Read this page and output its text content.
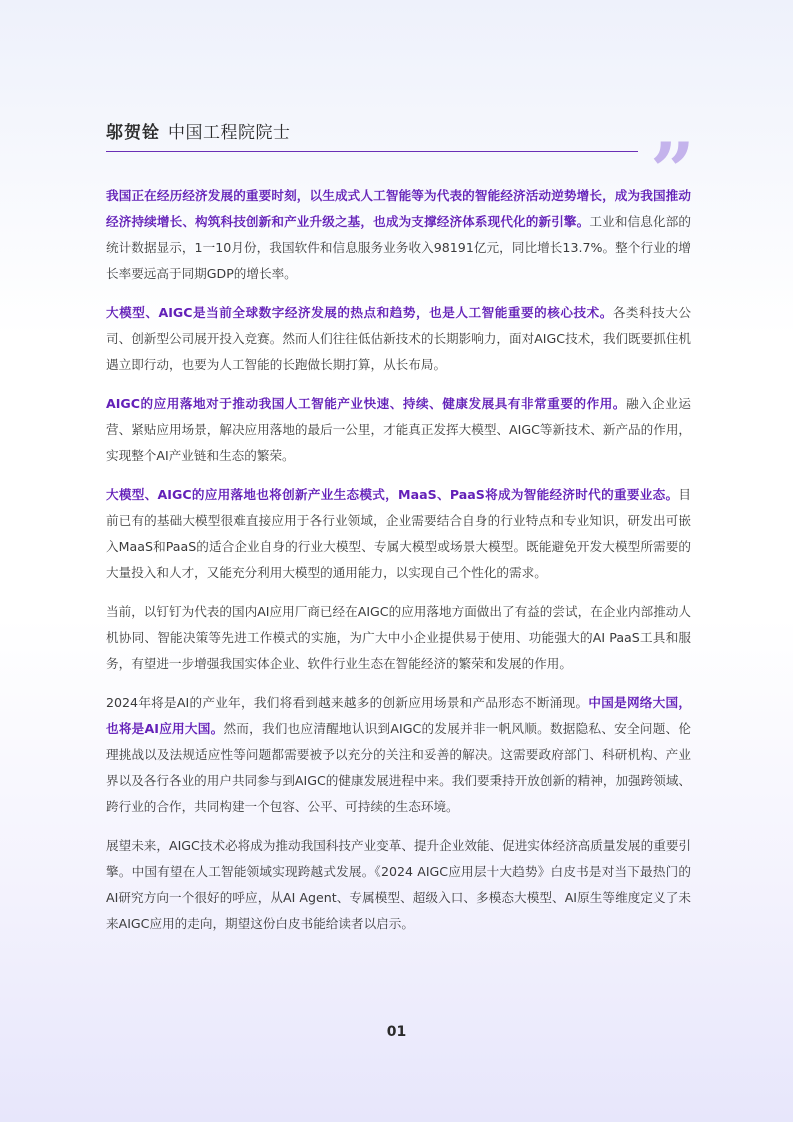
邬贺铨 中国工程院院士	”

我国正在经历经济发展的重要时刻，以生成式人工智能等为代表的智能经济活动逆势增长，成为我国推动经济持续增长、构筑科技创新和产业升级之基，也成为支撑经济体系现代化的新引擎。工业和信息化部的统计数据显示，1一10月份，我国软件和信息服务业务收入98191亿元，同比增长13.7%。整个行业的增长率要远高于同期GDP的增长率。

大模型、AIGC是当前全球数字经济发展的热点和趋势，也是人工智能重要的核心技术。各类科技大公司、创新型公司展开投入竞赛。然而人们往往低估新技术的长期影响力，面对AIGC技术，我们既要抓住机遇立即行动，也要为人工智能的长跑做长期打算，从长布局。

AIGC的应用落地对于推动我国人工智能产业快速、持续、健康发展具有非常重要的作用。融入企业运营、紧贴应用场景，解决应用落地的最后一公里，才能真正发挥大模型、AIGC等新技术、新产品的作用，实现整个AI产业链和生态的繁荣。

大模型、AIGC的应用落地也将创新产业生态模式，MaaS、PaaS将成为智能经济时代的重要业态。目前已有的基础大模型很难直接应用于各行业领域，企业需要结合自身的行业特点和专业知识，研发出可嵌入MaaS和PaaS的适合企业自身的行业大模型、专属大模型或场景大模型。既能避免开发大模型所需要的大量投入和人才，又能充分利用大模型的通用能力，以实现自己个性化的需求。

当前，以钉钉为代表的国内AI应用厂商已经在AIGC的应用落地方面做出了有益的尝试，在企业内部推动人机协同、智能决策等先进工作模式的实施，为广大中小企业提供易于使用、功能强大的AI PaaS工具和服务，有望进一步增强我国实体企业、软件行业生态在智能经济的繁荣和发展的作用。

2024年将是AI的产业年，我们将看到越来越多的创新应用场景和产品形态不断涌现。中国是网络大国，也将是AI应用大国。然而，我们也应清醒地认识到AIGC的发展并非一帆风顺。数据隐私、安全问题、伦理挑战以及法规适应性等问题都需要被予以充分的关注和妥善的解决。这需要政府部门、科研机构、产业界以及各行各业的用户共同参与到AIGC的健康发展进程中来。我们要秉持开放创新的精神，加强跨领域、跨行业的合作，共同构建一个包容、公平、可持续的生态环境。

展望未来，AIGC技术必将成为推动我国科技产业变革、提升企业效能、促进实体经济高质量发展的重要引擎。中国有望在人工智能领域实现跨越式发展。《2024 AIGC应用层十大趋势》白皮书是对当下最热门的AI研究方向一个很好的呼应，从AI Agent、专属模型、超级入口、多模态大模型、AI原生等维度定义了未来AIGC应用的走向，期望这份白皮书能给读者以启示。

01
